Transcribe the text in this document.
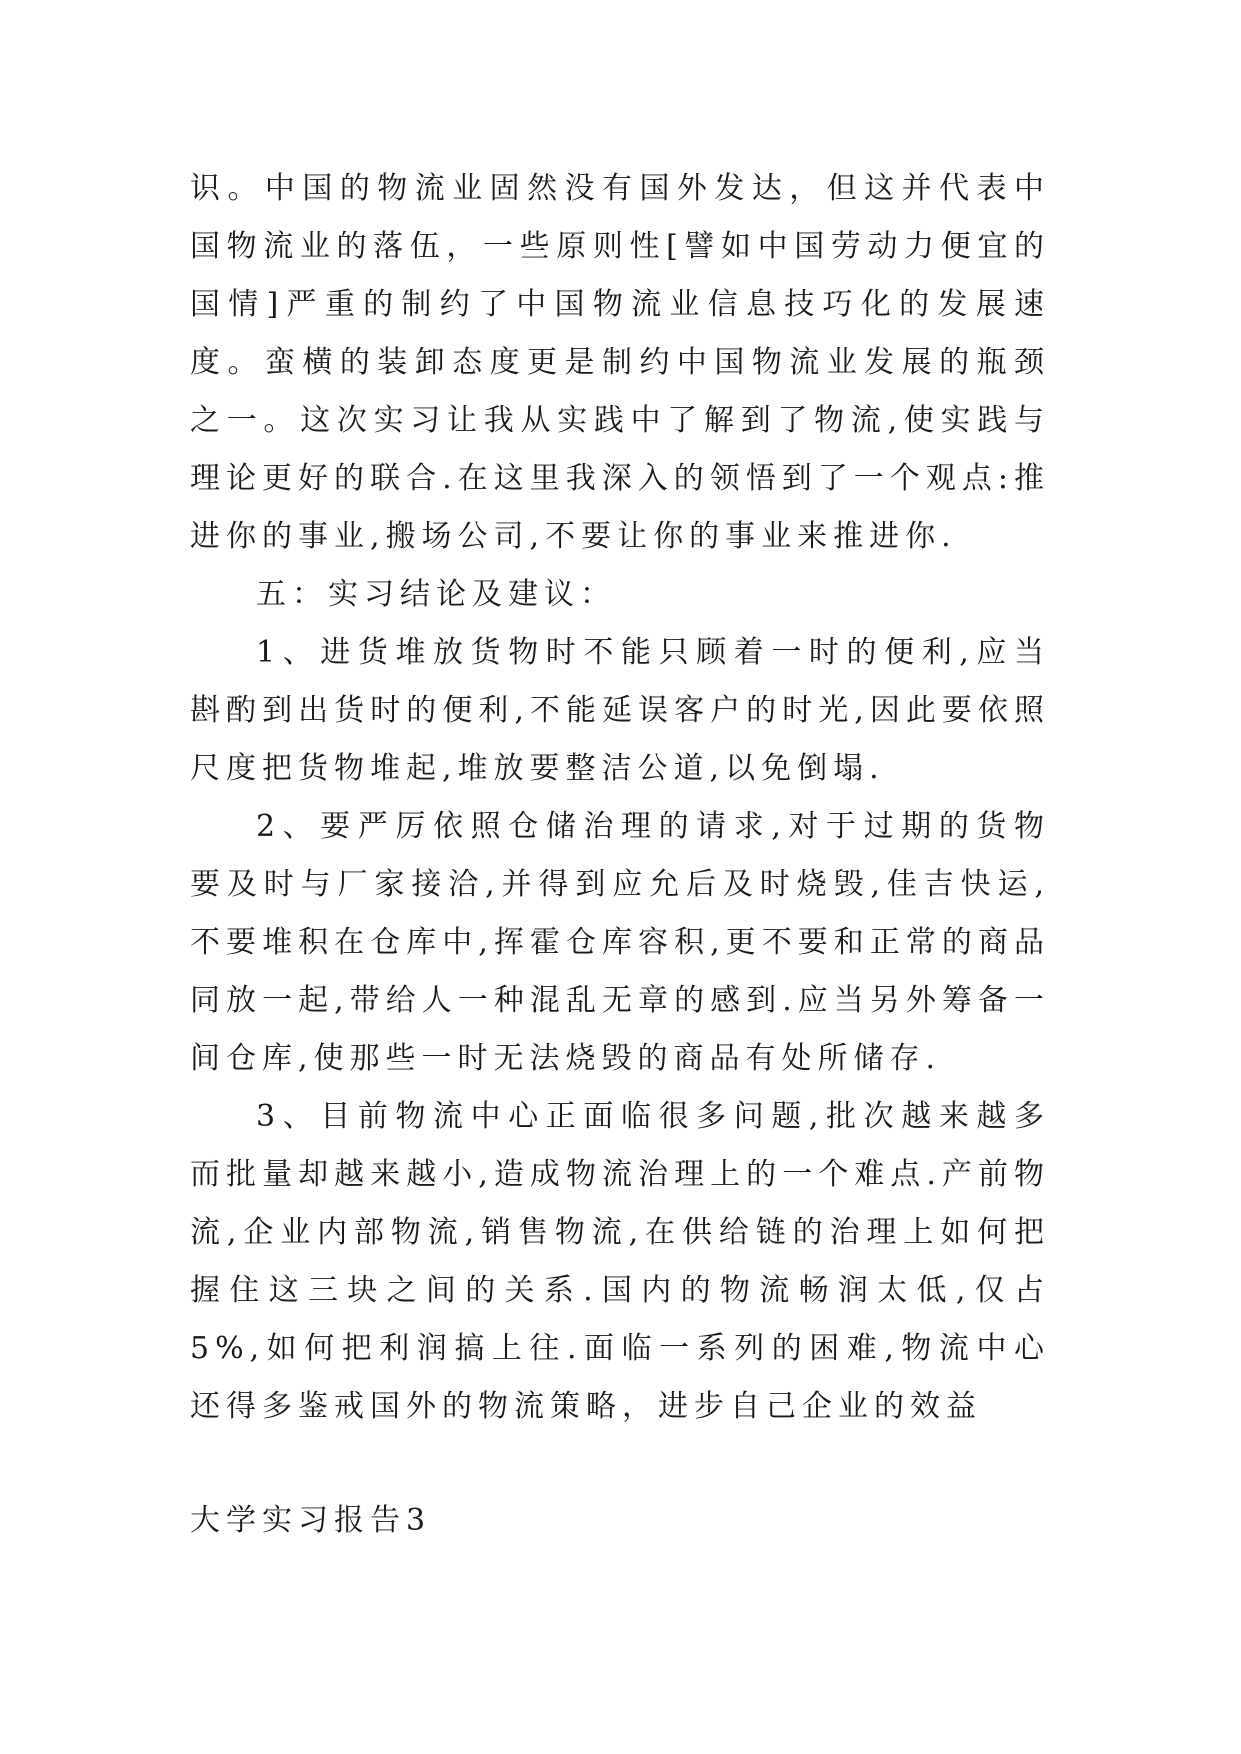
识。中国的物流业固然没有国外发达，但这并代表中国物流业的落伍，一些原则性[譬如中国劳动力便宜的国情]严重的制约了中国物流业信息技巧化的发展速度。蛮横的装卸态度更是制约中国物流业发展的瓶颈之一。这次实习让我从实践中了解到了物流,使实践与理论更好的联合.在这里我深入的领悟到了一个观点:推进你的事业,搬场公司,不要让你的事业来推进你.

五：实习结论及建议：

1、进货堆放货物时不能只顾着一时的便利,应当斟酌到出货时的便利,不能延误客户的时光,因此要依照尺度把货物堆起,堆放要整洁公道,以免倒塌.

2、要严厉依照仓储治理的请求,对于过期的货物要及时与厂家接洽,并得到应允后及时烧毁,佳吉快运,不要堆积在仓库中,挥霍仓库容积,更不要和正常的商品同放一起,带给人一种混乱无章的感到.应当另外筹备一间仓库,使那些一时无法烧毁的商品有处所储存.

3、目前物流中心正面临很多问题,批次越来越多而批量却越来越小,造成物流治理上的一个难点.产前物流,企业内部物流,销售物流,在供给链的治理上如何把握住这三块之间的关系.国内的物流畅润太低,仅占5%,如何把利润搞上往.面临一系列的困难,物流中心还得多鉴戒国外的物流策略，进步自己企业的效益

大学实习报告3
